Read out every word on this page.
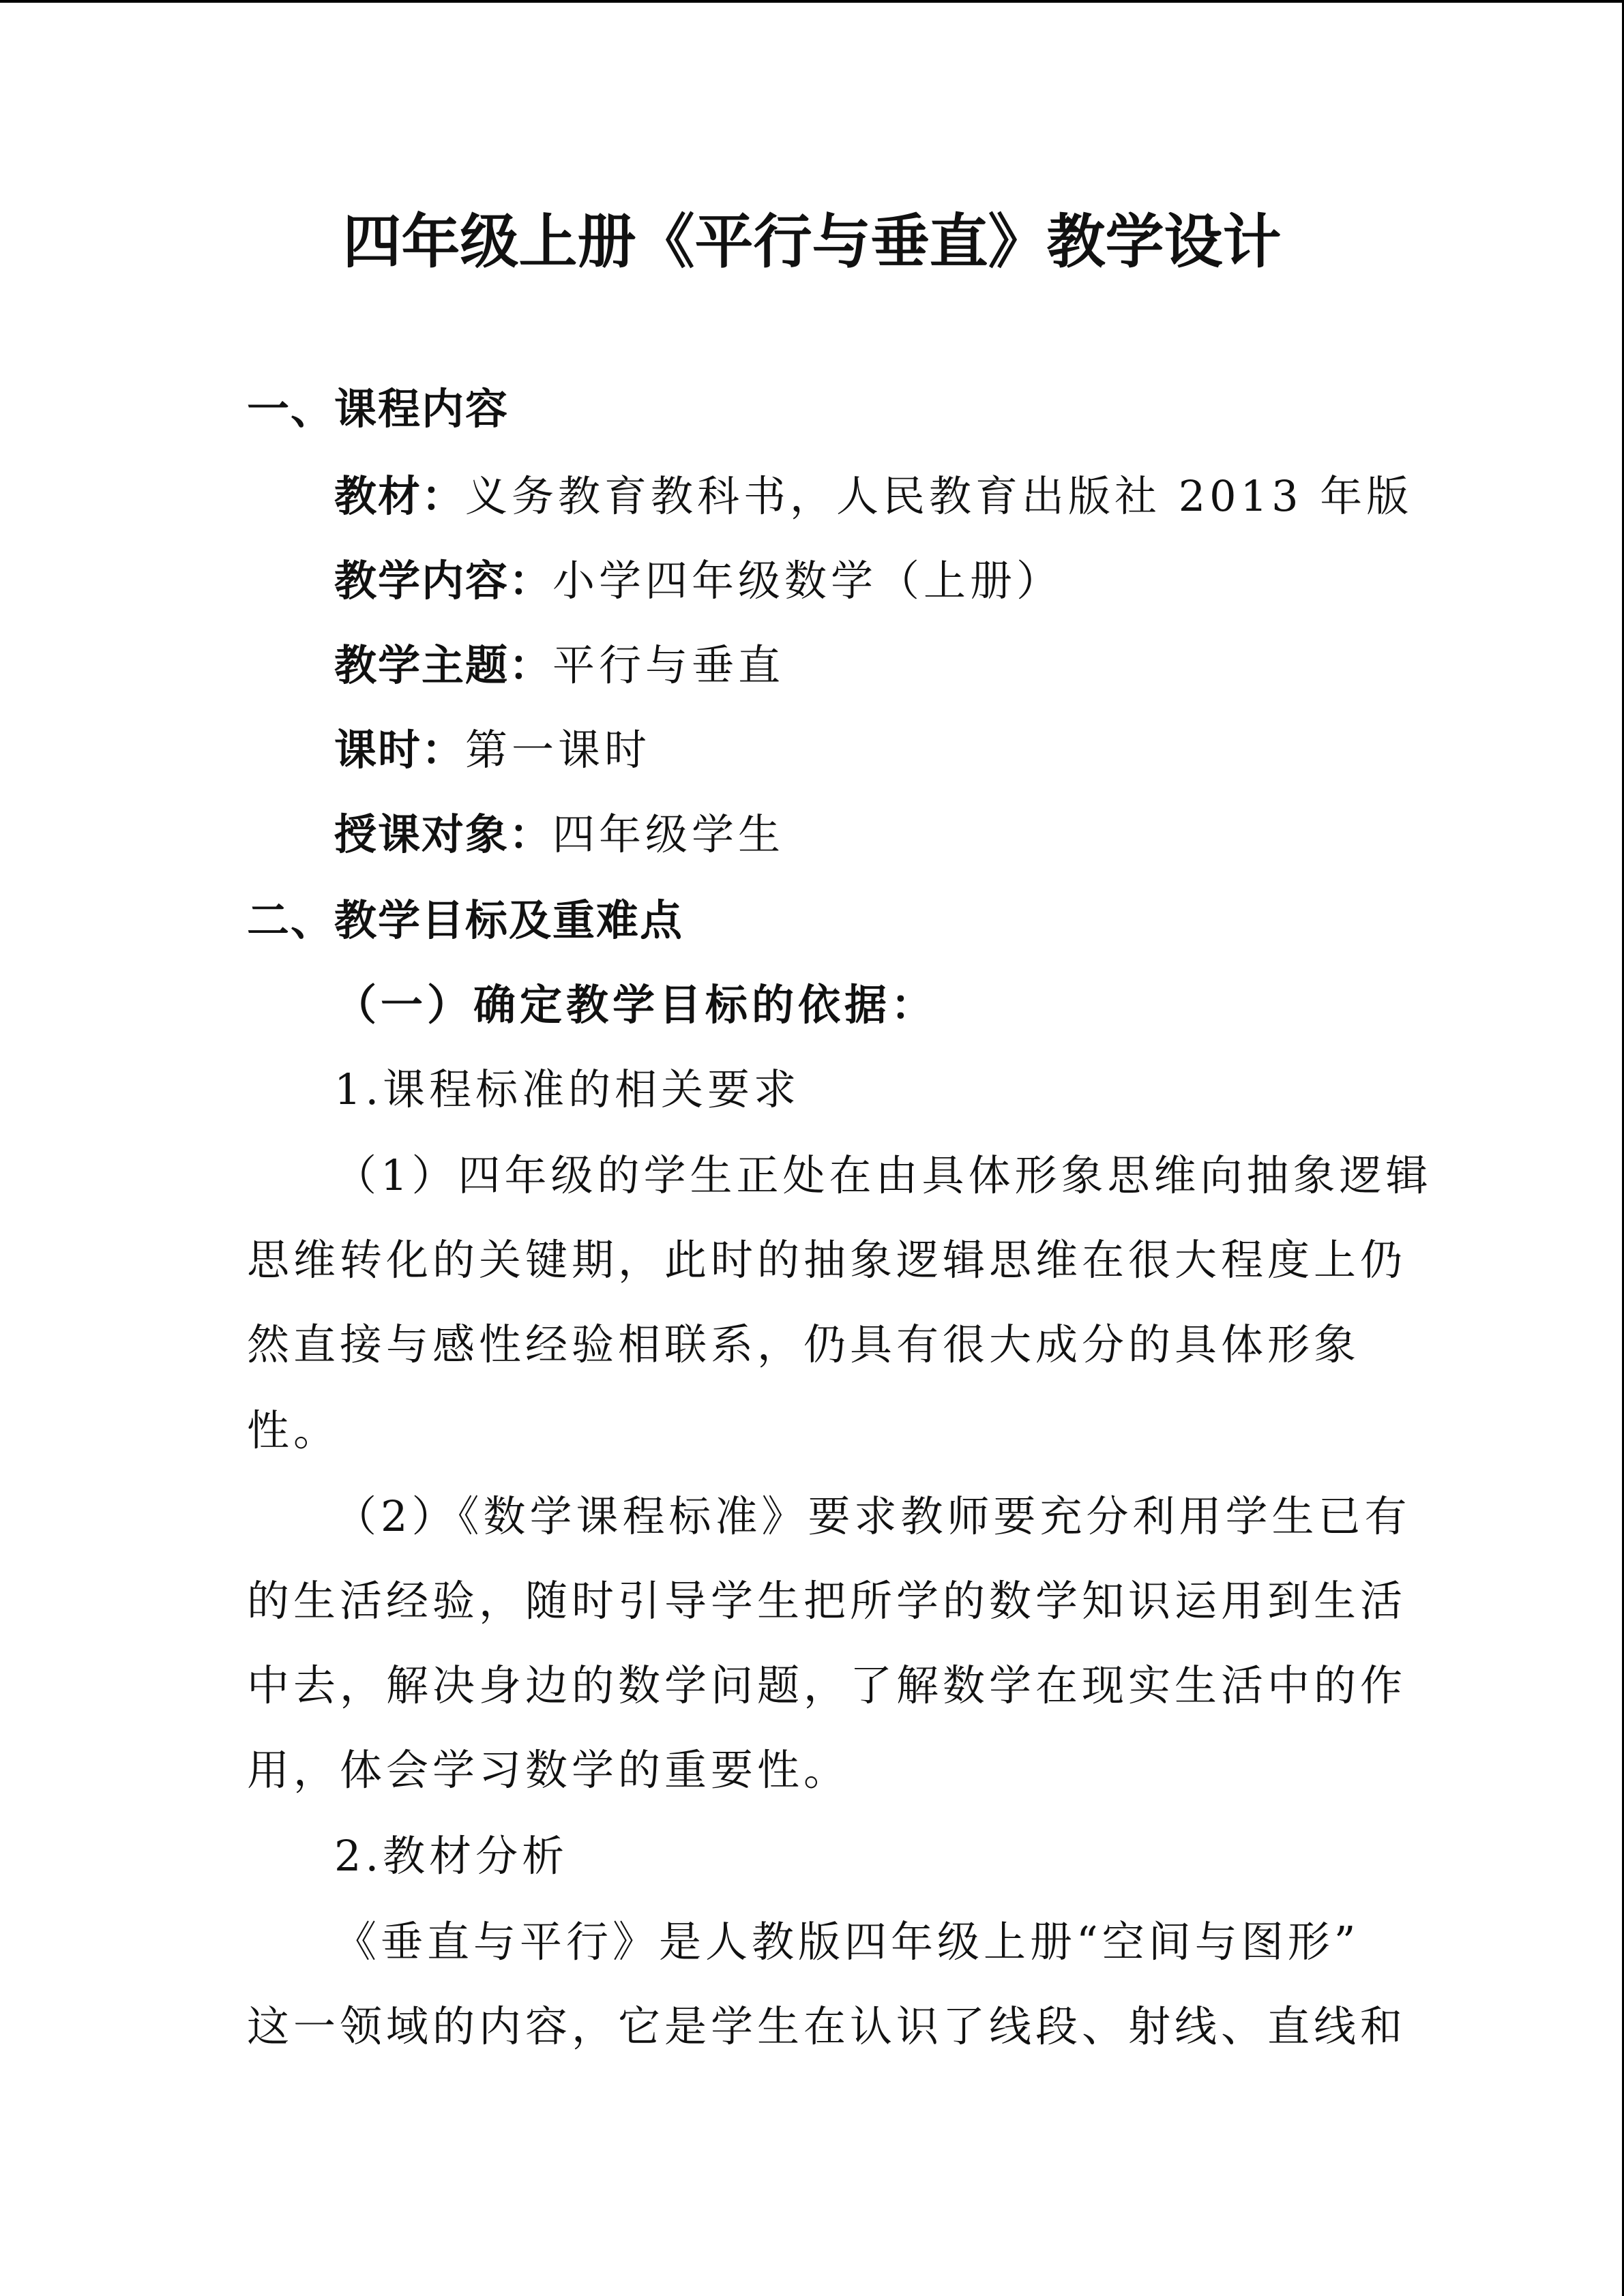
四年级上册《平行与垂直》教学设计
一、课程内容
教材：义务教育教科书，人民教育出版社 2013 年版
教学内容：小学四年级数学（上册）
教学主题：平行与垂直
课时：第一课时
授课对象：四年级学生
二、教学目标及重难点
（一）确定教学目标的依据：
1.课程标准的相关要求
（1）四年级的学生正处在由具体形象思维向抽象逻辑
思维转化的关键期，此时的抽象逻辑思维在很大程度上仍
然直接与感性经验相联系，仍具有很大成分的具体形象
性。
（2）《数学课程标准》要求教师要充分利用学生已有
的生活经验，随时引导学生把所学的数学知识运用到生活
中去，解决身边的数学问题，了解数学在现实生活中的作
用，体会学习数学的重要性。
2.教材分析
《垂直与平行》是人教版四年级上册“空间与图形”
这一领域的内容，它是学生在认识了线段、射线、直线和
